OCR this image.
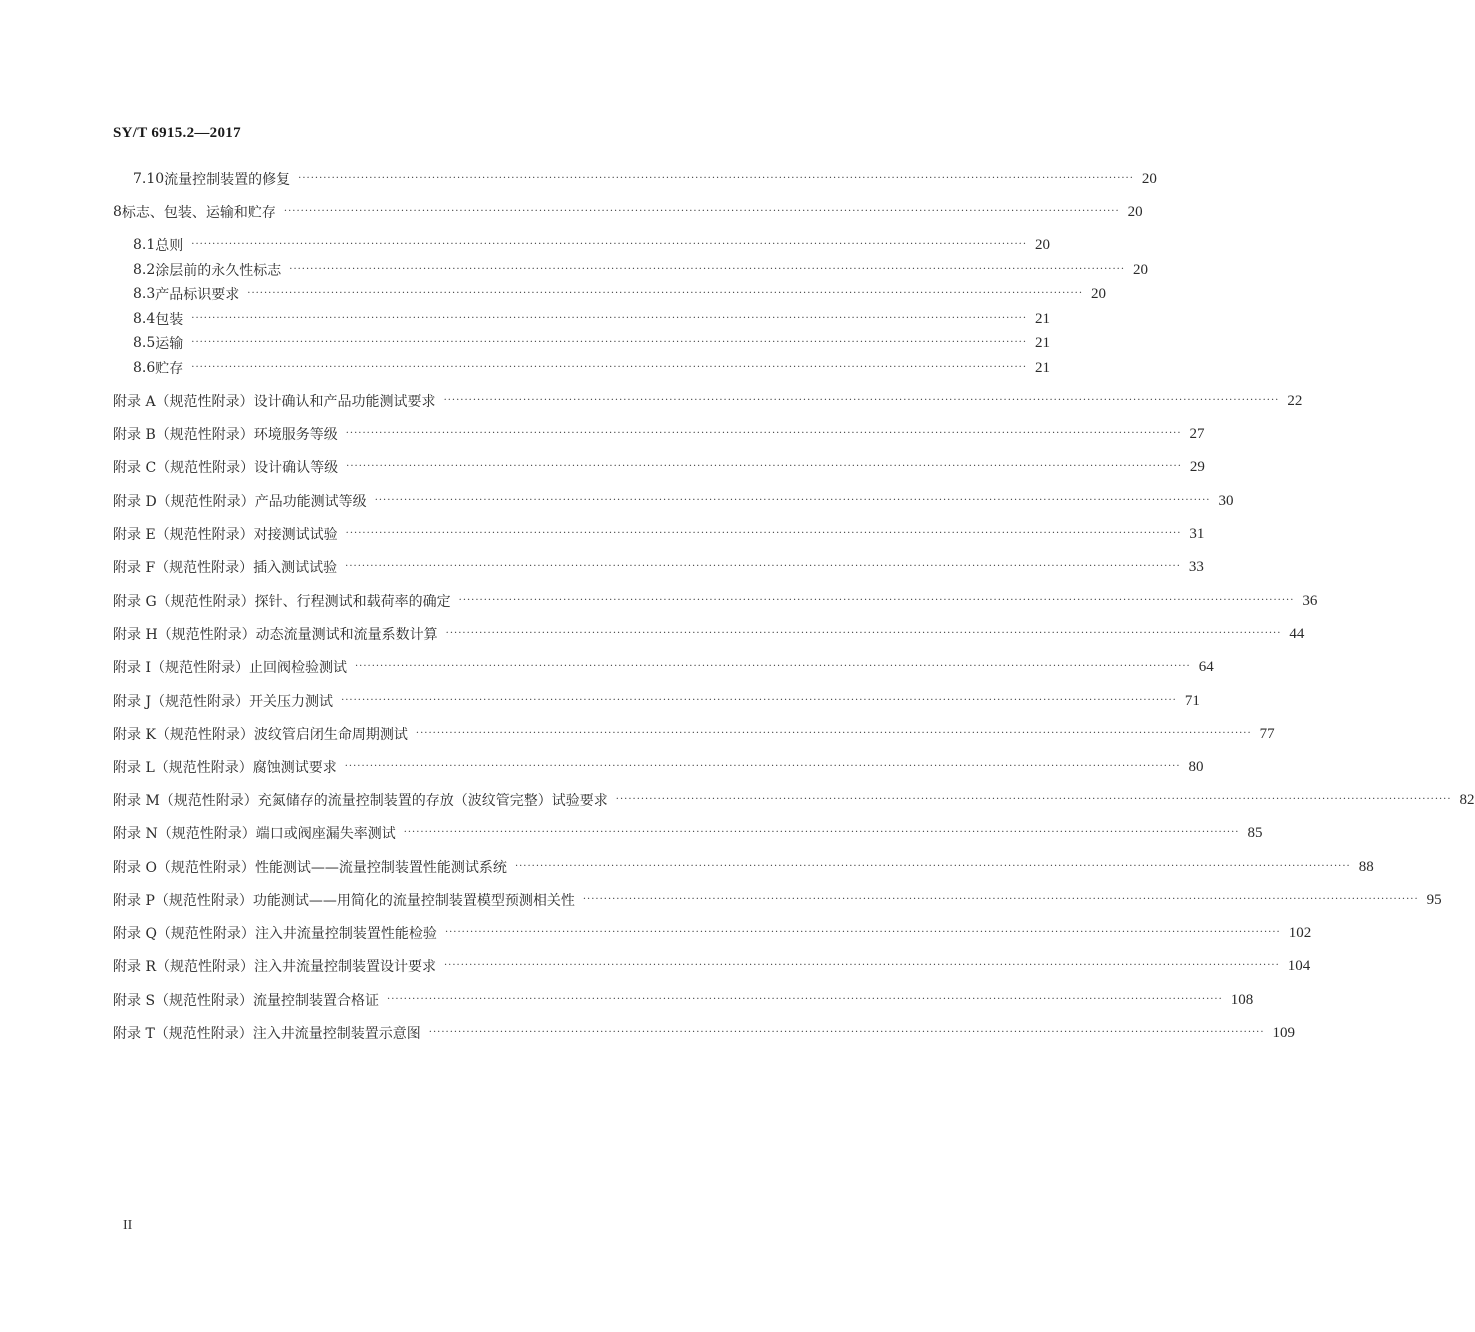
SY/T 6915.2—2017
7.10 流量控制装置的修复 ········································································································································································································ 20
8 标志、包装、运输和贮存 ········································································································································································································ 20
8.1 总则 ········································································································································································································ 20
8.2 涂层前的永久性标志 ········································································································································································································ 20
8.3 产品标识要求 ········································································································································································································ 20
8.4 包装 ········································································································································································································ 21
8.5 运输 ········································································································································································································ 21
8.6 贮存 ········································································································································································································ 21
附录 A（规范性附录） 设计确认和产品功能测试要求 ········································································································································································································ 22
附录 B（规范性附录） 环境服务等级 ········································································································································································································ 27
附录 C（规范性附录） 设计确认等级 ········································································································································································································ 29
附录 D（规范性附录） 产品功能测试等级 ········································································································································································································ 30
附录 E（规范性附录） 对接测试试验 ········································································································································································································ 31
附录 F（规范性附录） 插入测试试验 ········································································································································································································ 33
附录 G（规范性附录） 探针、行程测试和载荷率的确定 ········································································································································································································ 36
附录 H（规范性附录） 动态流量测试和流量系数计算 ········································································································································································································ 44
附录 I（规范性附录） 止回阀检验测试 ········································································································································································································ 64
附录 J（规范性附录） 开关压力测试 ········································································································································································································ 71
附录 K（规范性附录） 波纹管启闭生命周期测试 ········································································································································································································ 77
附录 L（规范性附录） 腐蚀测试要求 ········································································································································································································ 80
附录 M（规范性附录） 充氮储存的流量控制装置的存放（波纹管完整）试验要求 ········································································································································································································ 82
附录 N（规范性附录） 端口或阀座漏失率测试 ········································································································································································································ 85
附录 O（规范性附录） 性能测试——流量控制装置性能测试系统 ········································································································································································································ 88
附录 P（规范性附录） 功能测试——用简化的流量控制装置模型预测相关性 ········································································································································································································ 95
附录 Q（规范性附录） 注入井流量控制装置性能检验 ········································································································································································································ 102
附录 R（规范性附录） 注入井流量控制装置设计要求 ········································································································································································································ 104
附录 S（规范性附录） 流量控制装置合格证 ········································································································································································································ 108
附录 T（规范性附录） 注入井流量控制装置示意图 ········································································································································································································ 109
II
